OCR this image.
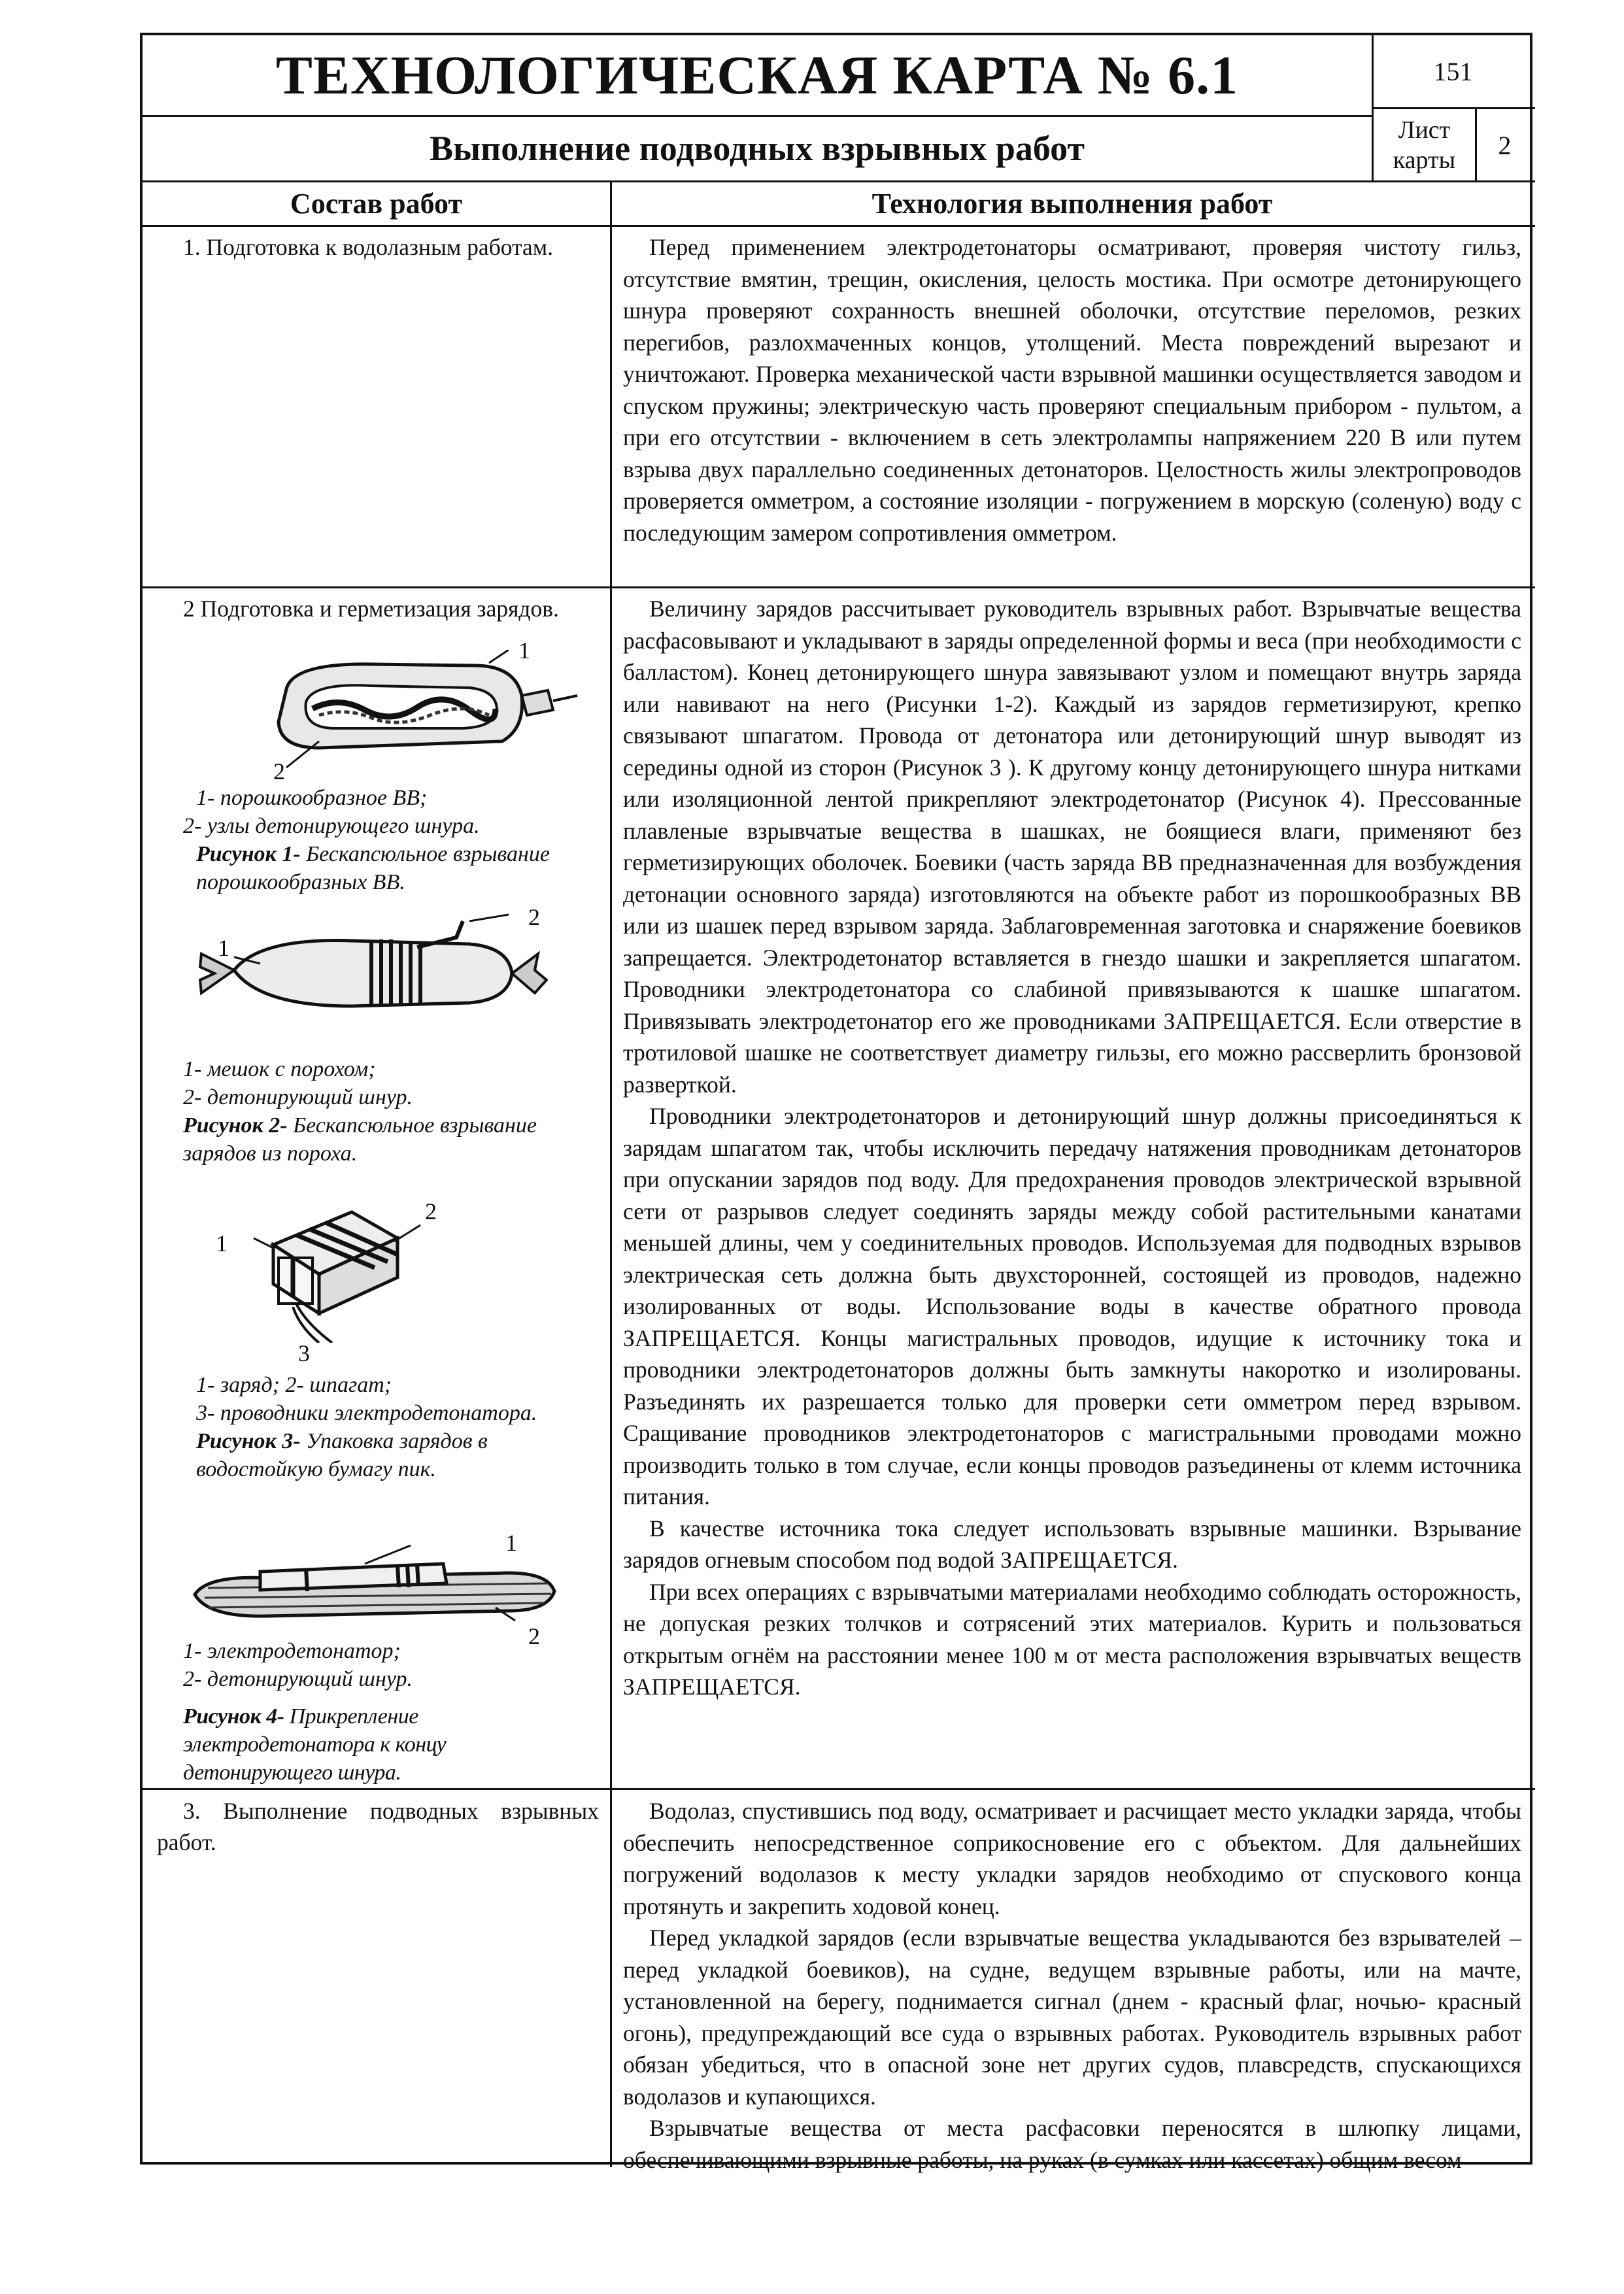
ТЕХНОЛОГИЧЕСКАЯ КАРТА № 6.1
Выполнение подводных взрывных работ
151
Лист
карты
2
Состав работ	Технология выполнения работ
1. Подготовка к водолазным работам.	Перед применением электродетонаторы осматривают, проверяя чистоту гильз, отсутствие вмятин, трещин, окисления, целость мостика. При осмотре детонирующего шнура проверяют сохранность внешней оболочки, отсутствие переломов, резких перегибов, разлохмаченных концов, утолщений. Места повреждений вырезают и уничтожают. Проверка механической части взрывной машинки осуществляется заводом и спуском пружины; электрическую часть проверяют специальным прибором - пультом, а при его отсутствии - включением в сеть электролампы напряжением 220 В или путем взрыва двух параллельно соединенных детонаторов. Целостность жилы электропроводов проверяется омметром, а состояние изоляции - погружением в морскую (соленую) воду с последующим замером сопротивления омметром.

2 Подготовка и герметизация зарядов.
1
2
1- порошкообразное ВВ;
2- узлы детонирующего шнура.
Рисунок 1- Бескапсюльное взрывание порошкообразных ВВ.
1
2
1- мешок с порохом;
2- детонирующий шнур.
Рисунок 2- Бескапсюльное взрывание зарядов из пороха.
1
2
3
1- заряд; 2- шпагат;
3- проводники электродетонатора.
Рисунок 3- Упаковка зарядов в водостойкую бумагу пик.
1
2
1- электродетонатор;
2- детонирующий шнур.
Рисунок 4- Прикрепление электродетонатора к концу детонирующего шнура.

Величину зарядов рассчитывает руководитель взрывных работ. Взрывчатые вещества расфасовывают и укладывают в заряды определенной формы и веса (при необходимости с балластом). Конец детонирующего шнура завязывают узлом и помещают внутрь заряда или навивают на него (Рисунки 1-2). Каждый из зарядов герметизируют, крепко связывают шпагатом. Провода от детонатора или детонирующий шнур выводят из середины одной из сторон (Рисунок 3 ). К другому концу детонирующего шнура нитками или изоляционной лентой прикрепляют электродетонатор (Рисунок 4). Прессованные плавленые взрывчатые вещества в шашках, не боящиеся влаги, применяют без герметизирующих оболочек. Боевики (часть заряда ВВ предназначенная для возбуждения детонации основного заряда) изготовляются на объекте работ из порошкообразных ВВ или из шашек перед взрывом заряда. Заблаговременная заготовка и снаряжение боевиков запрещается. Электродетонатор вставляется в гнездо шашки и закрепляется шпагатом. Проводники электродетонатора со слабиной привязываются к шашке шпагатом. Привязывать электродетонатор его же проводниками ЗАПРЕЩАЕТСЯ. Если отверстие в тротиловой шашке не соответствует диаметру гильзы, его можно рассверлить бронзовой разверткой.

Проводники электродетонаторов и детонирующий шнур должны присоединяться к зарядам шпагатом так, чтобы исключить передачу натяжения проводникам детонаторов при опускании зарядов под воду. Для предохранения проводов электрической взрывной сети от разрывов следует соединять заряды между собой растительными канатами меньшей длины, чем у соединительных проводов. Используемая для подводных взрывов электрическая сеть должна быть двухсторонней, состоящей из проводов, надежно изолированных от воды. Использование воды в качестве обратного провода ЗАПРЕЩАЕТСЯ. Концы магистральных проводов, идущие к источнику тока и проводники электродетонаторов должны быть замкнуты накоротко и изолированы. Разъединять их разрешается только для проверки сети омметром перед взрывом. Сращивание проводников электродетонаторов с магистральными проводами можно производить только в том случае, если концы проводов разъединены от клемм источника питания.

В качестве источника тока следует использовать взрывные машинки. Взрывание зарядов огневым способом под водой ЗАПРЕЩАЕТСЯ.

При всех операциях с взрывчатыми материалами необходимо соблюдать осторожность, не допуская резких толчков и сотрясений этих материалов. Курить и пользоваться открытым огнём на расстоянии менее 100 м от места расположения взрывчатых веществ ЗАПРЕЩАЕТСЯ.

3. Выполнение подводных взрывных работ.

Водолаз, спустившись под воду, осматривает и расчищает место укладки заряда, чтобы обеспечить непосредственное соприкосновение его с объектом. Для дальнейших погружений водолазов к месту укладки зарядов необходимо от спускового конца протянуть и закрепить ходовой конец.

Перед укладкой зарядов (если взрывчатые вещества укладываются без взрывателей – перед укладкой боевиков), на судне, ведущем взрывные работы, или на мачте, установленной на берегу, поднимается сигнал (днем - красный флаг, ночью- красный огонь), предупреждающий все суда о взрывных работах. Руководитель взрывных работ обязан убедиться, что в опасной зоне нет других судов, плавсредств, спускающихся водолазов и купающихся.

Взрывчатые вещества от места расфасовки переносятся в шлюпку лицами, обеспечивающими взрывные работы, на руках (в сумках или кассетах) общим весом
